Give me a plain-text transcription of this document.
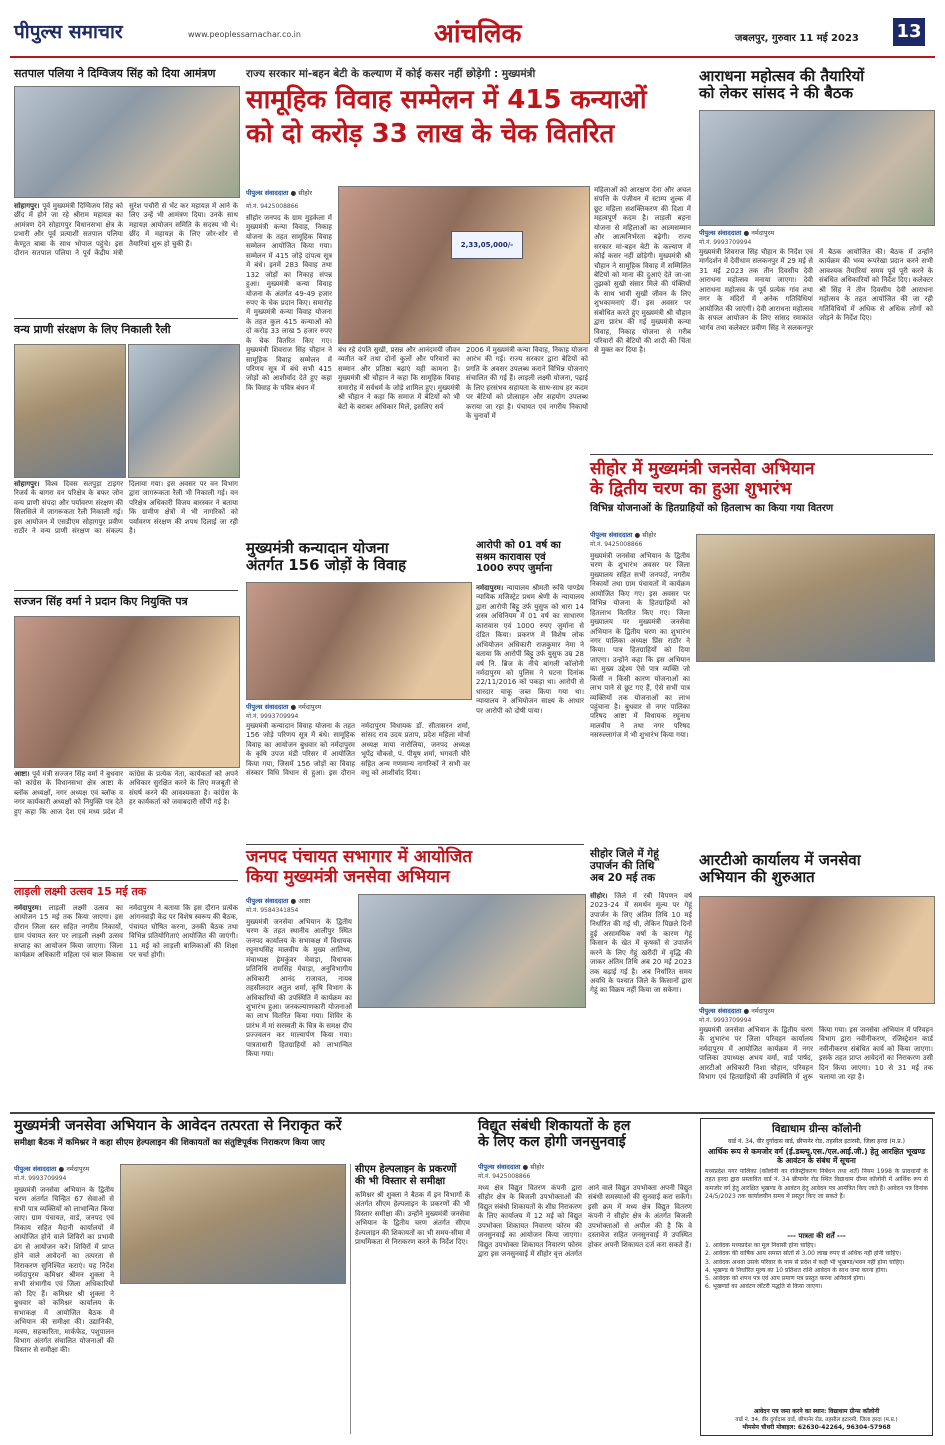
पीपुल्स समाचार	www.peoplessamachar.co.in	आंचलिक	जबलपुर, गुरुवार 11 मई 2023 13
सतपाल पलिया ने दिग्विजय सिंह को दिया आमंत्रण
सोहागपुर। पूर्व मुख्यमंत्री दिग्विजय सिंह को छींद में होने जा रहे श्रीराम महायज्ञ का आमंत्रण देने सोहागपुर विधानसभा क्षेत्र के प्रभारी और पूर्व प्रत्याशी सतपाल पलिया केण्ट्रत बाबा के साथ भोपाल पहुंचे। इस दौरान सतपाल पलिया ने पूर्व केंद्रीय मंत्री सुरेश पचौरी से भेंट कर महायज्ञ में आने के लिए उन्हें भी आमंत्रण दिया। उनके साथ महायज्ञ आयोजन समिति के सदस्य भी थे। छींद में महायज्ञ के लिए जोर-शोर से तैयारियां शुरू हो चुकी हैं।
वन्य प्राणी संरक्षण के लिए निकाली रैली
सोहागपुर। विश्व दिवस सतपुड़ा टाइगर रिजर्व के बागरा वन परिक्षेत्र के बफर जोन वन्य प्राणी संपदा और पर्यावरण संरक्षण की सिलसिले में जागरूकता रैली निकाली गई। इस आयोजन में एसडीएम सोहागपुर प्रवीण राठौर ने वन्य प्राणी संरक्षण का संकल्प दिलाया गया। इस अवसर पर वन विभाग द्वारा जागरूकता रैली भी निकाली गई। वन परिक्षेत्र अधिकारी विजय बारस्कर ने बताया कि ग्रामीण क्षेत्रों में भी नागरिकों को पर्यावरण संरक्षण की शपथ दिलाई जा रही है।
सज्जन सिंह वर्मा ने प्रदान किए नियुक्ति पत्र
आष्टा। पूर्व मंत्री सज्जन सिंह वर्मा ने बुधवार को कांग्रेस के विधानसभा क्षेत्र आष्टा के ब्लॉक अध्यक्षों, नगर अध्यक्ष एवं ब्लॉक व नगर कार्यकारी अध्यक्षों को नियुक्ति पत्र देते हुए कहा कि आज देश एवं मध्य प्रदेश में कांग्रेस के प्रत्येक नेता, कार्यकर्ता को अपने अधिकार सुरक्षित करने के लिए मजबूती से संघर्ष करने की आवश्यकता है। कांग्रेस के हर कार्यकर्ता को जवाबदारी सौंपी गई है।
लाड़ली लक्ष्मी उत्सव 15 मई तक
नर्मदापुरम। लाड़ली लक्ष्मी उत्सव का आयोजन 15 मई तक किया जाएगा। इस दौरान जिला स्तर सहित नगरीय निकायों, ग्राम पंचायत स्तर पर लाड़ली लक्ष्मी उत्सव सप्ताह का आयोजन किया जाएगा। जिला कार्यक्रम अधिकारी महिला एवं बाल विकास नर्मदापुरम ने बताया कि इस दौरान प्रत्येक आंगनवाड़ी केंद्र पर विशेष स्वरूप की बैठक, पंचायत घोषित करना, उनकी बैठक तथा विभिन्न प्रतियोगिताएं आयोजित की जाएंगी। 11 मई को लाड़ली बालिकाओं की शिक्षा पर चर्चा होगी।
राज्य सरकार मां-बहन बेटी के कल्याण में कोई कसर नहीं छोड़ेगी : मुख्यमंत्री
सामूहिक विवाह सम्मेलन में 415 कन्याओं
को दो करोड़ 33 लाख के चेक वितरित
पीपुल्स संवाददाता ● सीहोर
मो.नं. 9425008866
सीहोर जनपद के ग्राम मुड़केला में मुख्यमंत्री कन्या विवाह, निकाह योजना के तहत सामूहिक विवाह सम्मेलन आयोजित किया गया। सम्मेलन में 415 जोड़े दांपत्य सूत्र में बंधे। इनमें 283 विवाह तथा 132 जोड़ों का निकाह संपन्न हुआ। मुख्यमंत्री कन्या विवाह योजना के अंतर्गत 49-49 हजार रुपए के चेक प्रदान किए। समारोह में मुख्यमंत्री कन्या विवाह योजना के तहत कुल 415 कन्याओं को दो करोड़ 33 लाख 5 हजार रुपए के चेक वितरित किए गए। मुख्यमंत्री शिवराज सिंह चौहान ने सामूहिक विवाह सम्मेलन में परिणय सूत्र में बंधे सभी 415 जोड़ों को आशीर्वाद देते हुए कहा कि विवाह के पवित्र बंधन में
2,33,05,000/-
बंध रहे दंपति सुखी, प्रसन्न और आनंदमयी जीवन व्यतीत करें तथा दोनों कुलों और परिवारों का सम्मान और प्रतिष्ठा बढ़ाएं यही कामना है। मुख्यमंत्री श्री चौहान ने कहा कि सामूहिक विवाह समारोह में सर्वधर्म के जोड़े शामिल हुए। मुख्यमंत्री श्री चौहान ने कहा कि समाज में बेटियों को भी बेटों के बराबर अधिकार मिलें, इसलिए सर्व
2006 में मुख्यमंत्री कन्या विवाह, निकाह योजना आरंभ की गई। राज्य सरकार द्वारा बेटियों को प्रगति के अवसर उपलब्ध कराने विभिन्न योजनाएं संचालित की गई हैं। लाड़ली लक्ष्मी योजना, पढ़ाई के लिए हरसंभव सहायता के साथ-साथ हर कदम पर बेटियों को प्रोत्साहन और सहयोग उपलब्ध कराया जा रहा है। पंचायत एवं नगरीय निकायों के चुनावों में
महिलाओं को आरक्षण देना और अचल संपत्ति के पंजीयन में स्टाम्प शुल्क में छूट महिला सशक्तिकरण की दिशा में महत्वपूर्ण कदम है। लाड़ली बहना योजना से महिलाओं का आत्मसम्मान और आत्मनिर्भरता बढ़ेगी। राज्य सरकार मां-बहन बेटी के कल्याण में कोई कसर नहीं छोड़ेगी। मुख्यमंत्री श्री चौहान ने सामूहिक विवाह में सम्मिलित बेटियों को माना की दुआएं देते जा-जा तुझको सुखी संसार मिले की पंक्तियों के साथ भावी सुखी जीवन के लिए शुभकामनाएं दीं। इस अवसर पर संबोधित करते हुए मुख्यमंत्री श्री चौहान द्वारा प्रारंभ की गई मुख्यमंत्री कन्या विवाह, निकाह योजना से गरीब परिवारों की बेटियों की शादी की चिंता से मुक्त कर दिया है।
आराधना महोत्सव की तैयारियों
को लेकर सांसद ने की बैठक
पीपुल्स संवाददाता ● नर्मदापुरम
मो.नं. 9993709994
मुख्यमंत्री शिवराज सिंह चौहान के निर्देश एवं मार्गदर्शन में देवीधाम सलकनपुर में 29 मई से 31 मई 2023 तक तीन दिवसीय देवी आराधना महोत्सव मनाया जाएगा। देवी आराधना महोत्सव के पूर्व प्रत्येक गांव तथा नगर के मंदिरों में अनेक गतिविधियां आयोजित की जाएंगी। देवी आराधना महोत्सव के सफल आयोजन के लिए सांसद रमाकांत भार्गव तथा कलेक्टर प्रवीण सिंह ने सलकनपुर में बैठक आयोजित की। बैठक में उन्होंने कार्यक्रम की भव्य रूपरेखा प्रदान करने सभी आवश्यक तैयारियां समय पूर्व पूरी करने के संबंधित अधिकारियों को निर्देश दिए। कलेक्टर श्री सिंह ने तीन दिवसीय देवी आराधना महोत्सव के तहत आयोजित की जा रही गतिविधियों में अधिक से अधिक लोगों को जोड़ने के निर्देश दिए।
सीहोर में मुख्यमंत्री जनसेवा अभियान
के द्वितीय चरण का हुआ शुभारंभ
विभिन्न योजनाओं के हितग्राहियों को हितलाभ का किया गया वितरण
पीपुल्स संवाददाता ● सीहोर
मो.नं. 9425008866
मुख्यमंत्री जनसेवा अभियान के द्वितीय चरण के शुभारंभ अवसर पर जिला मुख्यालय सहित सभी जनपदों, नगरीय निकायों तथा ग्राम पंचायतों में कार्यक्रम आयोजित किए गए। इस अवसर पर विभिन्न योजना के हितग्राहियों को हितलाभ वितरित किए गए। जिला मुख्यालय पर मुख्यमंत्री जनसेवा अभियान के द्वितीय चरण का शुभारंभ नगर पालिका अध्यक्ष प्रिंस राठौर ने किया। पात्र हितग्राहियों को दिया जाएगा। उन्होंने कहा कि इस अभियान का मुख्य उद्देश्य ऐसे पात्र व्यक्ति जो किसी न किसी कारण योजनाओं का लाभ पाने से छूट गए हैं, ऐसे सभी पात्र व्यक्तियों तक योजनाओं का लाभ पहुंचाना है। बुधवार से नगर पालिका परिषद आष्टा में विधायक रघुनाथ मालवीय ने तथा नगर परिषद नसरुल्लागंज में भी शुभारंभ किया गया।
आरटीओ कार्यालय में जनसेवा
अभियान की शुरुआत
पीपुल्स संवाददाता ● नर्मदापुरम
मो.नं. 9993709994
मुख्यमंत्री जनसेवा अभियान के द्वितीय चरण के शुभारंभ पर जिला परिवहन कार्यालय नर्मदापुरम में आयोजित कार्यक्रम में नगर पालिका उपाध्यक्ष अभय वर्मा, वार्ड पार्षद, आरटीओ अधिकारी निशा चौहान, परिवहन विभाग एवं हितग्राहियों की उपस्थिति में शुरू किया गया। इस जनसेवा अभियान में परिवहन विभाग द्वारा नवीनीकरण, रजिस्ट्रेशन कार्ड नवीनीकरण संबंधित कार्य को किया जाएगा। इसके तहत प्राप्त आवेदनों का निराकरण उसी दिन किया जाएगा। 10 से 31 मई तक चलाया जा रहा है।
मुख्यमंत्री कन्यादान योजना
अंतर्गत 156 जोड़ों के विवाह
पीपुल्स संवाददाता ● नर्मदापुरम
मो.नं. 9993709994
मुख्यमंत्री कन्यादान विवाह योजना के तहत 156 जोड़े परिणय सूत्र में बंधे। सामूहिक विवाह का आयोजन बुधवार को नर्मदापुरम के कृषि उपज मंडी परिसर में आयोजित किया गया, जिसमें 156 जोड़ों का विवाह संस्कार विधि विधान से हुआ। इस दौरान नर्मदापुरम विधायक डॉ. सीतासरन शर्मा, सांसद राव उदय प्रताप, प्रदेश महिला मोर्चा अध्यक्ष माया नारोलिया, जनपद अध्यक्ष भूपेंद्र चौकसे, पं. पीयूष शर्मा, भगवती चौरे सहित अन्य गणमान्य नागरिकों ने सभी वर वधु को आशीर्वाद दिया।
आरोपी को 01 वर्ष का
सश्रम कारावास एवं
1000 रुपए जुर्माना
नर्मदापुरम। न्यायालय श्रीमती रूचि पाण्डेय न्यायिक मजिस्ट्रेट प्रथम श्रेणी के न्यायालय द्वारा आरोपी बिट्टू उर्फ युसुफ को धारा 14 शस्त्र अधिनियम में 01 वर्ष का साधारण कारावास एवं 1000 रुपए जुर्माना से दंडित किया। प्रकरण में विशेष लोक अभियोजन अधिकारी राजकुमार नेमा ने बताया कि आरोपी बिट्टू उर्फ युसुफ उम्र 28 वर्ष नि. ब्रिज के नीचे बांगली कॉलोनी नर्मदापुरम को पुलिस ने घटना दिनांक 22/11/2016 को पकड़ा था। आरोपी से धारदार चाकू जब्त किया गया था। न्यायालय ने अभियोजन साक्ष्य के आधार पर आरोपी को दोषी पाया।
सीहोर जिले में गेहूं
उपार्जन की तिथि
अब 20 मई तक
सीहोर। जिले में रबी विपणन वर्ष 2023-24 में समर्थन मूल्य पर गेहूं उपार्जन के लिए अंतिम तिथि 10 मई निर्धारित की गई थी, लेकिन पिछले दिनों हुई असामयिक वर्षा के कारण गेहूं किसान के खेत में कृषकों से उपार्जन करने के लिए गेहूं खरीदी में वृद्धि की जाकर अंतिम तिथि अब 20 मई 2023 तक बढ़ाई गई है। अब निर्धारित समय अवधि के पश्चात जिले के किसानों द्वारा गेहूं का विक्रय नहीं किया जा सकेगा।
जनपद पंचायत सभागार में आयोजित
किया मुख्यमंत्री जनसेवा अभियान
पीपुल्स संवाददाता ● आष्टा
मो.नं. 9584341854
मुख्यमंत्री जनसेवा अभियान के द्वितीय चरण के तहत स्थानीय आलीपुर स्थित जनपद कार्यालय के सभाकक्ष में विधायक रघुनाथसिंह मालवीय के मुख्य आतिथ्य, मंचाध्यक्ष हेमकुंवर मेवाड़ा, विधायक प्रतिनिधि रामसिंह मेवाड़ा, अनुविभागीय अधिकारी आनंद राजावत, नायब तहसीलदार अतुल शर्मा, कृषि विभाग के अधिकारियों की उपस्थिति में कार्यक्रम का शुभारंभ हुआ। जनकल्याणकारी योजनाओं का लाभ वितरित किया गया। शिविर के प्रारंभ में मां सरस्वती के चित्र के समक्ष दीप प्रज्ज्वलन कर माल्यार्पण किया गया। पात्रताधारी हितग्राहियों को लाभान्वित किया गया।
मुख्यमंत्री जनसेवा अभियान के आवेदन तत्परता से निराकृत करें
समीक्षा बैठक में कमिश्नर ने कहा सीएम हेल्पलाइन की शिकायतों का संतुष्टिपूर्वक निराकरण किया जाए
पीपुल्स संवाददाता ● नर्मदापुरम
मो.नं. 9993709994
मुख्यमंत्री जनसेवा अभियान के द्वितीय चरण अंतर्गत चिन्हित 67 सेवाओं से सभी पात्र व्यक्तियों को लाभान्वित किया जाए। ग्राम पंचायत, वार्ड, जनपद एवं निकाय सहित मैदानी कार्यालयों में आयोजित होने वाले शिविरों का प्रभावी ढंग से आयोजन करें। शिविरों में प्राप्त होने वाले आवेदनों का तत्परता से निराकरण सुनिश्चित कराएं। यह निर्देश नर्मदापुरम कमिश्नर श्रीमन शुक्ला ने सभी संभागीय एवं जिला अधिकारियों को दिए हैं। कमिश्नर श्री शुक्ला ने बुधवार को कमिश्नर कार्यालय के सभाकक्ष में आयोजित बैठक में अभियान की समीक्षा की। उद्यानिकी, मत्स्य, सहकारिता, मार्कफेड, पशुपालन विभाग अंतर्गत संचालित योजनाओं की विस्तार से समीक्षा की।
सीएम हेल्पलाइन के प्रकरणों की भी विस्तार से समीक्षा
कमिश्नर श्री शुक्ला ने बैठक में इन विभागों के अंतर्गत सीएम हेल्पलाइन के प्रकरणों की भी विस्तार समीक्षा की। उन्होंने मुख्यमंत्री जनसेवा अभियान के द्वितीय चरण अंतर्गत सीएम हेल्पलाइन की शिकायतों का भी समय-सीमा में प्राथमिकता से निराकरण करने के निर्देश दिए।
विद्युत संबंधी शिकायतों के हल
के लिए कल होगी जनसुनवाई
पीपुल्स संवाददाता ● सीहोर
मो.नं. 9425008866
मध्य क्षेत्र विद्युत वितरण कंपनी द्वारा सीहोर क्षेत्र के बिजली उपभोक्ताओं की विद्युत संबंधी शिकायतों के शीघ्र निराकरण के लिए कार्यालय में 12 मई को विद्युत उपभोक्ता शिकायत निवारण फोरम की जनसुनवाई का आयोजन किया जाएगा। विद्युत उपभोक्ता शिकायत निवारण फोरम द्वारा इस जनसुनवाई में सीहोर वृत्त अंतर्गत आने वाले विद्युत उपभोक्ता अपनी विद्युत संबंधी समस्याओं की सुनवाई करा सकेंगे। इसी क्रम में मध्य क्षेत्र विद्युत वितरण कंपनी ने सीहोर क्षेत्र के अंतर्गत बिजली उपभोक्ताओं से अपील की है कि वे दस्तावेज सहित जनसुनवाई में उपस्थित होकर अपनी शिकायत दर्ज करा सकते हैं।
विद्याधाम ग्रीन्स कॉलोनी
वार्ड नं. 34, वीर दुर्गादास वार्ड, छीपानेर रोड, तहसील इटारसी, जिला हरदा (म.प्र.)
आर्थिक रूप से कमजोर वर्ग (ई.डब्ल्यू.एस./एल.आई.जी.) हेतु आरक्षित भूखण्ड के आवंटन के संबंध में सूचना
मध्यप्रदेश नगर पालिका (कॉलोनी का रजिस्ट्रीकरण निर्बंधन तथा शर्तें) नियम 1998 के प्रावधानों के तहत हरदा द्वारा प्रस्तावित वार्ड नं. 34 छीपानेर रोड स्थित विद्याधाम ग्रीन्स कॉलोनी में आर्थिक रूप से कमजोर वर्ग हेतु आरक्षित भूखण्ड के आवंटन हेतु आवेदन पत्र आमंत्रित किए जाते हैं। आवेदन पत्र दिनांक 24/5/2023 तक कार्यालयीन समय में प्रस्तुत किए जा सकते हैं।
--- पात्रता की शर्तें ---
1. आवेदक मध्यप्रदेश का मूल निवासी होना चाहिए।
2. आवेदक की वार्षिक आय समस्त स्रोतों से 3.00 लाख रुपए से अधिक नहीं होनी चाहिए।
3. आवेदक अथवा उसके परिवार के नाम से प्रदेश में कहीं भी भूखण्ड/भवन नहीं होना चाहिए।
4. भूखण्ड के निर्धारित मूल्य का 10 प्रतिशत राशि आवेदन के साथ जमा करना होगा।
5. आवेदक को शपथ पत्र एवं आय प्रमाण पत्र प्रस्तुत करना अनिवार्य होगा।
6. भूखण्डों का आवंटन लॉटरी पद्धति से किया जाएगा।
आवेदन पत्र जमा करने का स्थान: विद्याधाम ग्रीन्स कॉलोनी
वार्ड नं. 34, वीर दुर्गादास वार्ड, छीपानेर रोड, तहसील इटारसी, जिला हरदा (म.प्र.)
भीमसेन चौधरी मोबाइल: 62630-42264, 96304-57968
